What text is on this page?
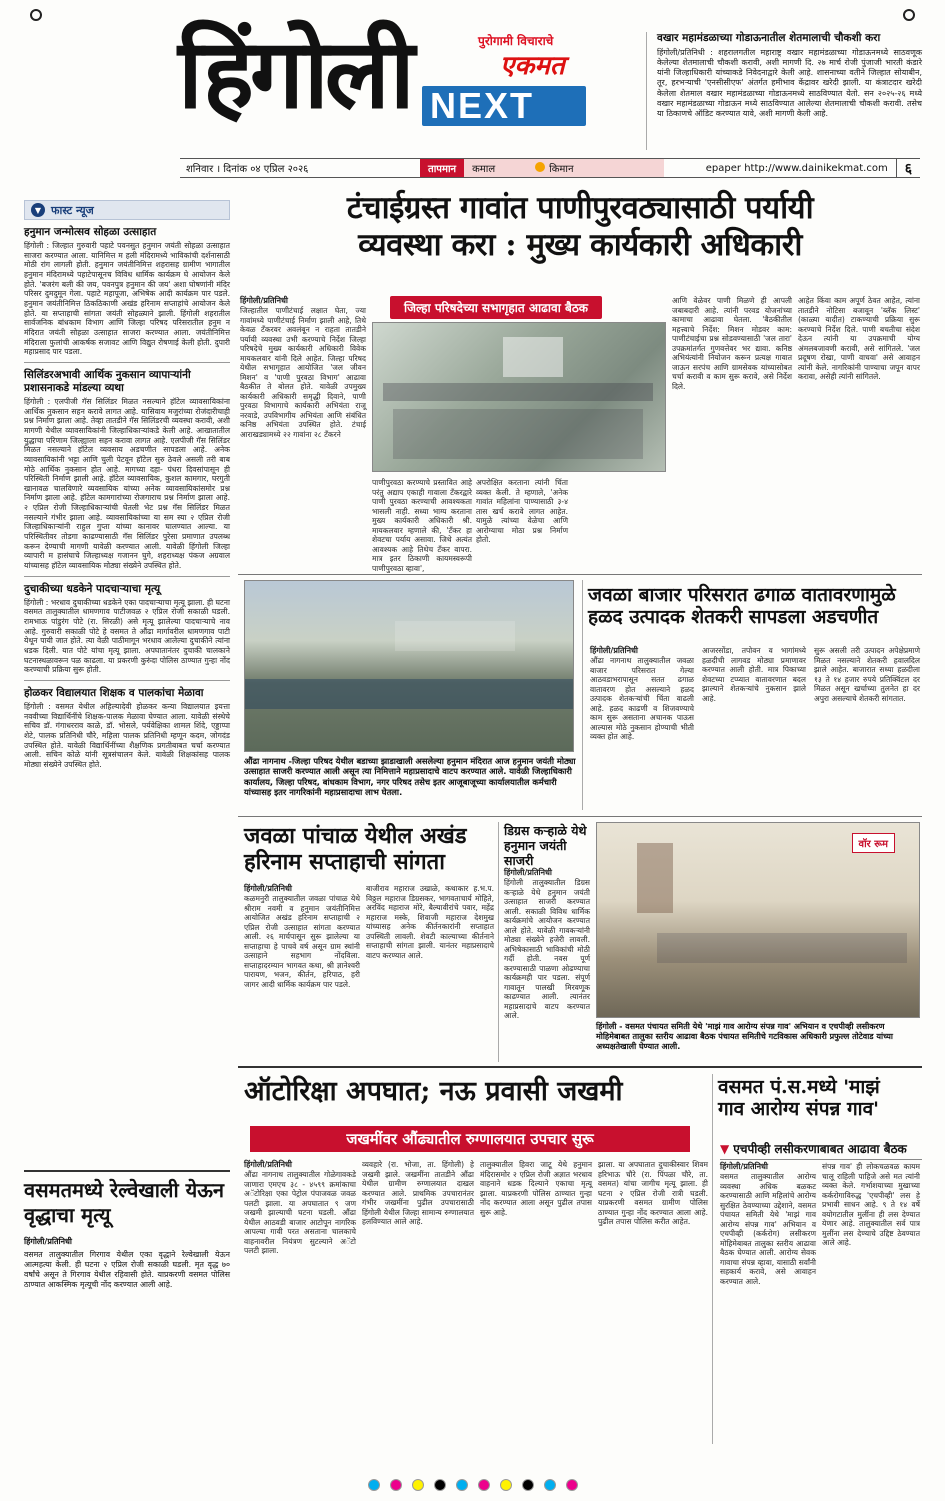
हिंगोली	पुरोगामी विचाराचे
एकमत
NEXT
वखार महामंडळाच्या गोडाऊनातील शेतमालाची चौकशी करा
हिंगोली/प्रतिनिधी : शहरालगतील महाराष्ट्र वखार महामंडळाच्या गोडाऊनमध्ये साठवणूक केलेल्या शेतमालाची चौकशी करावी, अशी मागणी दि. २७ मार्च रोजी पुंजाजी भारती कंडारे यांनी जिल्हाधिकारी यांच्याकडे निवेदनाद्वारे केली आहे. शासनाच्या वतीने जिल्हात सोयाबीन, तूर, हरभऱ्याची 'एनसीसीएफ' अंतर्गत हमीभाव केंद्रावर खरेदी झाली. या कंत्राटदार खरेदी केलेला शेतमाल वखार महामंडळाच्या गोडाऊनमध्ये साठविण्यात येतो. सन २०२५-२६ मध्ये वखार महामंडळाच्या गोडाऊन मध्ये साठविण्यात आलेल्या शेतमालाची चौकशी करावी. तसेच या ठिकाणचे ऑडिट करण्यात यावे, अशी मागणी केली आहे.
शनिवार । दिनांक ०४ एप्रिल २०२६	तापमान	कमाल	किमान	epaper http://www.dainikekmat.com	६
▼ फास्ट न्यूज
हनुमान जन्मोत्सव सोहळा उत्साहात

हिंगोली : जिल्हात गुरुवारी पहाटे पवनसुत हनुमान जयंती सोहळा उत्साहात साजरा करण्यात आला. यानिमित्त म हली मंदिरामध्ये भाविकांची दर्शनासाठी मोठी रांग लागली होती. हनुमान जयंतीनिमित्त शहरासह ग्रामीण भागातील हनुमान मंदिरामध्ये पहाटेपासूनच विविध धार्मिक कार्यक्रम घे आयोजन केले होते. 'बजरंग बली की जय, पवनपुत्र हनुमान की जय' अशा घोषणांनी मंदिर परिसर दुमदुमून गेला. पहाटे महापूजा, अभिषेक आदी कार्यक्रम पार पडले. हनुमान जयंतीनिमित्त ठिकठिकाणी अखंड हरिनाम सप्ताहांचे आयोजन केले होते. या सप्ताहाची सांगता जयंती सोहळ्याने झाली. हिंगोली शहरातील सार्वजनिक बांधकाम विभाग आणि जिल्हा परिषद परिसरातील हनुम न मंदिरात जयंती सोहळा उत्साहात साजरा करण्यात आला. जयंतीनिमित्त मंदिराला फुलांची आकर्षक सजावट आणि विद्युत रोषणाई केली होती. दुपारी महाप्रसाद पार पडला.

सिलिंडरअभावी आर्थिक नुकसान व्यापाऱ्यांनी प्रशासनाकडे मांडल्या व्यथा

हिंगोली : एलपीजी गॅस सिलिंडर मिळत नसल्याने हॉटेल व्यावसायिकांना आर्थिक नुकसान सहन करावे लागत आहे. यासिवाय मजुरांच्या रोजंदारीचाही प्रश्न निर्माण झाला आहे. तेव्हा तातडीने गॅस सिलिंडरची व्यवस्था करावी, अशी मागणी येथील व्यावसायिकांनी जिल्हाधिकाऱ्यांकडे केली आहे. आखातातील युद्धाचा परिणाम जिल्ह्याला सहन करावा लागत आहे. एलपीजी गॅस सिलिंडर मिळत नसल्याने हॉटेल व्यवसाय अडचणीत सापडला आहे. अनेक व्यावसायिकांनी भट्टा आणि चुली पेटवून हॉटेल सुरु ठेवले असली तरी बाब मोठे आर्थिक नुकसान होत आहे. मागच्या दहा- पंधरा दिवसांपासून ही परिस्थिती निर्माण झाली आहे. हॉटेल व्यावसायिक, कुशल कामगार, घरगुती खानावळ चालविणारे व्यवसायिक यांच्या अनेक व्यावसायिकांसमोर प्रश्न निर्माण झाला आहे. हॉटेल कामगारांच्या रोजगाराच प्रश्न निर्माण झाला आहे. २ एप्रिल रोजी जिल्हाधिकाऱ्यांची घेतली भेट प्रश्न गॅस सिलिंडर मिळत नसल्याने गंभीर झाला आहे. व्यावसायिकांच्या या सम स्या २ एप्रिल रोजी जिल्हाधिकाऱ्यांनी राहुल गुप्ता यांच्या कानावर घालण्यात आल्या. या परिस्थितीवर तोडगा काढण्यासाठी गॅस सिलिंडर पुरेसा प्रमाणात उपलब्ध करून देण्याची मागणी यावेळी करण्यात आली. यावेळी हिंगोली जिल्हा व्यापारी म हासंघाचे जिल्हाध्यक्ष गजानन घुगे, शहराध्यक्ष पंकज अग्रवाल यांच्यासह हॉटेल व्यावसायिक मोठ्या संख्येने उपस्थित होते.

दुचाकीच्या धडकेने पादचाऱ्याचा मृत्यू

हिंगोली : भरधाव दुचाकीच्या धडकेने एका पादचाऱ्याचा मृत्यू झाला. ही घटना वसमत तालुक्यातील धामणगाव पाटीजवळ २ एप्रिल रोजी सकाळी घडली. रामभाऊ पांडुरंग पोटे (रा. सिरळी) असे मृत्यू झालेल्या पादचाऱ्याचे नाव आहे. गुरुवारी सकाळी पोटे हे वसमत ते औंढा मार्गावरील धामणगाव पाटी येथून पायी जात होते. त्या वेळी पाठीमागून भरधाव आलेल्या दुचाकीने त्यांना धडक दिली. यात पोटे यांचा मृत्यू झाला. अपघातानंतर दुचाकी चालकाने घटनास्थळावरून पळ काढला. या प्रकरणी कुरुंदा पोलिस ठाण्यात गुन्हा नोंद करण्याची प्रक्रिया सुरू होती.

होळकर विद्यालयात शिक्षक व पालकांचा मेळावा

हिंगोली : वसमत येथील अहिल्यादेवी होळकर कन्या विद्यालयात इयत्ता नववीच्या विद्यार्थिनींचे शिक्षक-पालक मेळावा घेण्यात आला. यावेळी संस्थेचे सचिव डॉ. गंगाधरराव काळे, डॉ. भोसले, पर्यवेक्षिका शामल शिंदे, एड्डाप्पा शेटे, पालक प्रतिनिधी चौरे, महिला पालक प्रतिनिधी म्हणून कदम, जोगदंड उपस्थित होते. यावेळी विद्यार्थिनींच्या शैक्षणिक प्रगतीबाबत चर्चा करण्यात आली. सचिन कोळे यांनी सूत्रसंचालन केले. यावेळी शिक्षकांसह पालक मोठ्या संख्येने उपस्थित होते.

वसमतमध्ये रेल्वेखाली येऊन वृद्धाचा मृत्यू
हिंगोली/प्रतिनिधी

वसमत तालुक्यातील गिरगाव येथील एका वृद्धाने रेल्वेखाली येऊन आत्महत्या केली. ही घटना २ एप्रिल रोजी सकाळी घडली. मृत वृद्ध ७० वर्षांचे असून ते गिरगाव येथील रहिवासी होते. याप्रकरणी वसमत पोलिस ठाण्यात आकस्मिक मृत्यूची नोंद करण्यात आली आहे.

टंचाईग्रस्त गावांत पाणीपुरवठ्यासाठी पर्यायी
व्यवस्था करा : मुख्य कार्यकारी अधिकारी
जिल्हा परिषदेच्या सभागृहात आढावा बैठक
हिंगोली/प्रतिनिधी
जिल्हातील पाणीटंचाई लक्षात घेता, ज्या गावांमध्ये पाणीटंचाई निर्माण झाली आहे, तिथे केवळ टँकरवर अवलंबून न राहता तातडीने पर्यायी व्यवस्था उभी करण्याचे निर्देश जिल्हा परिषदेचे मुख्य कार्यकारी अधिकारी विवेक मायकलवार यांनी दिले आहेत. जिल्हा परिषद येथील सभागृहात आयोजित 'जल जीवन मिशन' व 'पाणी पुरवठा विभाग' आढावा बैठकीत ते बोलत होते. यावेळी उपमुख्य कार्यकारी अधिकारी समृद्धी दिवाने, पाणी पुरवठा विभागाचे कार्यकारी अभियंता राजू नरवाडे, उपविभागीय अभियंता आणि संबंधित कनिष्ठ अभियंता उपस्थित होते. टंचाई आराखड्यामध्ये २२ गावांना २८ टँकरने
पाणीपुरवठा करण्याचे प्रस्तावित आहे परंतु अद्याप एकाही गावाला टँकरद्वारे पाणी पुरवठा करण्याची आवश्यकता भासली नाही. सध्या भाग्य करताना मुख्य कार्यकारी अधिकारी श्री. मायकलवार म्हणाले की, 'टँकर हा शेवटचा पर्याय असावा. जिथे अत्यंत आवश्यक आहे तिथेच टँकर वापरा. मात्र इतर ठिकाणी कायमस्वरूपी पाणीपुरवठा व्हावा',
अपरोक्षित करताना त्यांनी चिंता व्यक्त केली. ते म्हणाले, 'अनेक गावांत महिलांना पाण्यासाठी ३-४ तास खर्च करावे लागत आहेत. यामुळे त्यांच्या वेळेचा आणि आरोग्याचा मोठा प्रश्न निर्माण होतो.
आणि वेळेवर पाणी मिळणे ही आपली जबाबदारी आहे. त्यांनी परवड योजनांच्या कामाचा आढावा घेतला. 'बैठकीतील महत्त्वाचे निर्देश: मिशन मोडवर काम: पाणीटंचाईचा प्रश्न सोडवण्यासाठी 'जल तारा' उपक्रमांतर्गत गुणवत्तेवर भर द्यावा. कनिष्ठ अभियंत्यांनी नियोजन करून प्रत्यक्ष गावात जाऊन सरपंच आणि ग्रामसेवक यांच्यासोबत चर्चा करावी व काम सुरू करावे, असे निर्देश दिले.
आहेत किंवा काम अपूर्ण ठेवत आहेत, त्यांना तातडीने नोटिसा बजावून 'ब्लॅक लिस्ट' (काळ्या यादीत) टाकण्याची प्रक्रिया सुरू करण्याचे निर्देश दिले. पाणी बचतीचा संदेश देऊन त्यांनी या उपक्रमाची योग्य अंमलबजावणी करावी, असे सांगितले. 'जल प्रदूषण रोखा, पाणी वाचवा' असे आवाहन त्यांनी केले. नागरिकांनी पाण्याचा जपून वापर करावा, असेही त्यांनी सांगितले.
औंढा नागनाथ -जिल्हा परिषद येथील बडाच्या झाडाखाली असलेल्या हनुमान मंदिरात आज हनुमान जयंती मोठ्या उत्साहात साजरी करण्यात आली असून त्या निमित्ताने महाप्रसादाचे वाटप करण्यात आले. यावेळी जिल्हाधिकारी कार्यालय, जिल्हा परिषद, बांधकाम विभाग, नगर परिषद तसेच इतर आजूबाजूच्या कार्यालयातील कर्मचारी यांच्यासह इतर नागरिकांनी महाप्रसादाचा लाभ घेतला.
जवळा बाजार परिसरात ढगाळ वातावरणामुळे
हळद उत्पादक शेतकरी सापडला अडचणीत
हिंगोली/प्रतिनिधी
औंढा नागनाथ तालुक्यातील जवळा बाजार परिसरात गेल्या आठवडाभरापासून सतत ढगाळ वातावरण होत असल्याने हळद उत्पादक शेतकऱ्यांची चिंता वाढली आहे. हळद काढणी व शिजवण्याचे काम सुरू असताना अचानक पाऊस आल्यास मोठे नुकसान होण्याची भीती व्यक्त होत आहे.
आजरसोंडा, तपोवन व भागांमध्ये हळदीची लागवड मोठ्या प्रमाणावर करण्यात आली होती. मात्र पिकाच्या शेवटच्या टप्प्यात वातावरणात बदल झाल्याने शेतकऱ्यांचे नुकसान झाले आहे.
सुरू असली तरी उत्पादन अपेक्षेप्रमाणे मिळत नसल्याने शेतकरी हवालदिल झाले आहेत. बाजारात सध्या हळदीला १३ ते १४ हजार रुपये प्रतिक्विंटल दर मिळत असून खर्चाच्या तुलनेत हा दर अपुरा असल्याचे शेतकरी सांगतात.
जवळा पांचाळ येथील अखंड
हरिनाम सप्ताहाची सांगता
हिंगोली/प्रतिनिधी
कळमनुरी तालुक्यातील जवळा पांचाळ येथे श्रीराम नवमी व हनुमान जयंतीनिमित्त आयोजित अखंड हरिनाम सप्ताहाची २ एप्रिल रोजी उत्साहात सांगता करण्यात आली. २६ मार्चपासून सुरू झालेल्या या सप्ताहाचा हे पाचवे वर्ष असून ग्राम स्थांनी उत्साहाने सहभाग नोंदविला. सप्ताहादरम्यान भागवत कथा, श्री ज्ञानेश्वरी पारायण, भजन, कीर्तन, हरिपाठ, हरी जागर आदी धार्मिक कार्यक्रम पार पडले.
बाजीराव महाराज उखाळे, कथाकार ह.भ.प. विठ्ठल महाराज डिग्रसकर, भागवताचार्य मोहिते, अरविंद महाराज मोरे, बैल्यावीरांचे पवार, महेंद्र महाराज मस्के, शिवाजी महाराज देशमुख यांच्यासह अनेक कीर्तनकारांनी सप्ताहात उपस्थिती लावली. शेवटी काल्याच्या कीर्तनाने सप्ताहाची सांगता झाली. यानंतर महाप्रसादाचे वाटप करण्यात आले.
डिग्रस कऱ्हाळे येथे
हनुमान जयंती साजरी
हिंगोली/प्रतिनिधी
हिंगोली तालुक्यातील डिग्रस कऱ्हाळे येथे हनुमान जयंती उत्साहात साजरी करण्यात आली. सकाळी विविध धार्मिक कार्यक्रमांचे आयोजन करण्यात आले होते. यावेळी गावकऱ्यांनी मोठ्या संख्येने हजेरी लावली. अभिषेकासाठी भाविकांची मोठी गर्दी होती. नवस पूर्ण करण्यासाठी पाळणा ओढण्याचा कार्यक्रमही पार पडला. संपूर्ण गावातून पालखी मिरवणूक काढण्यात आली. त्यानंतर महाप्रसादाचे वाटप करण्यात आले.
वॉर रूम
हिंगोली - वसमत पंचायत समिती येथे 'माझं गाव आरोग्य संपन्न गाव' अभियान व एचपीव्ही लसीकरण मोहिमेबाबत तालुका स्तरीय आढावा बैठक पंचायत समितीचे गटविकास अधिकारी प्रफुल्ल तोटेवाड यांच्या अध्यक्षतेखाली घेण्यात आली.
ऑटोरिक्षा अपघात; नऊ प्रवासी जखमी
जखमींवर औंढ्यातील रुग्णालयात उपचार सुरू
हिंगोली/प्रतिनिधी
औंढा नागनाथ तालुक्यातील गोळेगावकडे जाणारा एमएच ३८ - ४५९९ क्रमांकाचा अॅटोरिक्षा एका पेट्रोल पंपाजवळ जवळ पलटी झाला. या अपघातात ९ जण जखमी झाल्याची घटना घडली. औंढा येथील आठवडी बाजार आटोपून नागरिक आपल्या गावी परत असताना चालकाचे वाहनावरील नियंत्रण सुटल्याने अॅटो पलटी झाला.
व्यवहारे (रा. भोजा, ता. हिंगोली) हे जखमी झाले. जखमींना तातडीने औंढा येथील ग्रामीण रुग्णालयात दाखल करण्यात आले. प्राथमिक उपचारानंतर गंभीर जखमींना पुढील उपचारासाठी हिंगोली येथील जिल्हा सामान्य रुग्णालयात हलविण्यात आले आहे.
तालुक्यातील हिवरा जाटू येथे हनुमान मंदिरासमोर २ एप्रिल रोजी अज्ञात भरधाव वाहनाने धडक दिल्याने एकाचा मृत्यू झाला. याप्रकरणी पोलिस ठाण्यात गुन्हा नोंद करण्यात आला असून पुढील तपास सुरू आहे.
झाला. या अपघातात दुचाकीस्वार शिवम हरिभाऊ चौरे (रा. पिंपळा चौरे, ता. वसमत) यांचा जागीच मृत्यू झाला. ही घटना २ एप्रिल रोजी रात्री घडली. याप्रकरणी वसमत ग्रामीण पोलिस ठाण्यात गुन्हा नोंद करण्यात आला आहे. पुढील तपास पोलिस करीत आहेत.
वसमत पं.स.मध्ये 'माझं
गाव आरोग्य संपन्न गाव'
▼ एचपीव्ही लसीकरणाबाबत आढावा बैठक
हिंगोली/प्रतिनिधी
वसमत तालुक्यातील आरोग्य व्यवस्था अधिक बळकट करण्यासाठी आणि महिलांचे आरोग्य सुरक्षित ठेवण्याच्या उद्देशाने, वसमत पंचायत समिती येथे 'माझं गाव आरोग्य संपन्न गाव' अभियान व एचपीव्ही (कर्करोग) लसीकरण मोहिमेबाबत तालुका स्तरीय आढावा बैठक घेण्यात आली. आरोग्य सेवक गावाचा संपन्न व्हावा, यासाठी सर्वांनी सहकार्य करावे, असे आवाहन करण्यात आले.
संपन्न गाव' ही लोकचळवळ कायम चालू राहिली पाहिजे असे मत त्यांनी व्यक्त केले. गर्भाशयाच्या मुखाच्या कर्करोगाविरुद्ध 'एचपीव्ही' लस हे प्रभावी साधन आहे. ९ ते १४ वर्षे वयोगटातील मुलींना ही लस देण्यात येणार आहे. तालुक्यातील सर्व पात्र मुलींना लस देण्याचे उद्दिष्ट ठेवण्यात आले आहे.
